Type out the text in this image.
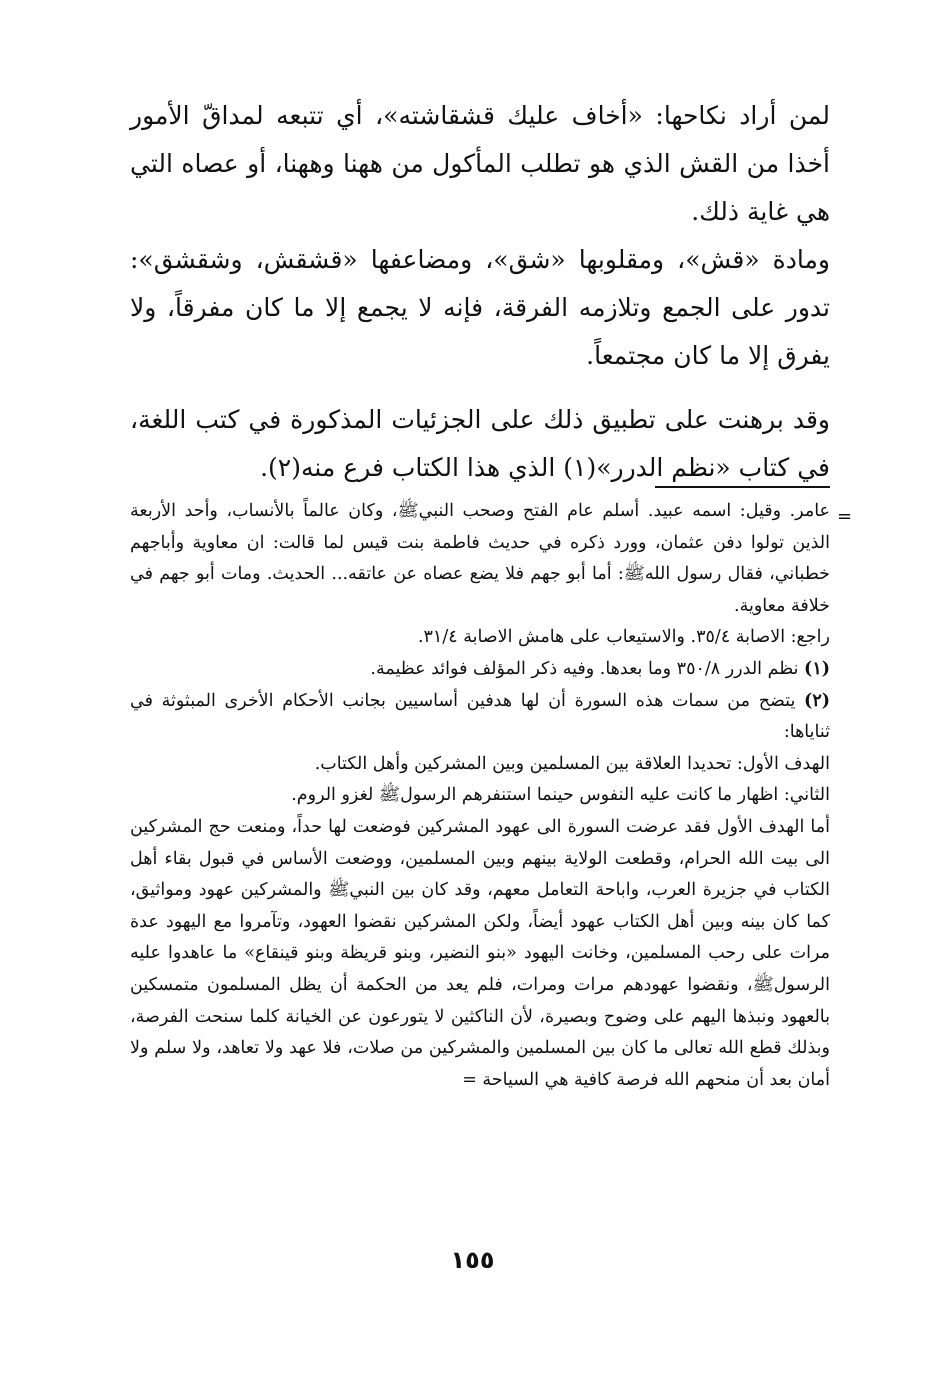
لمن أراد نكاحها: «أخاف عليك قشقاشته»، أي تتبعه لمداقّ الأمور أخذا من القش الذي هو تطلب المأكول من ههنا وههنا، أو عصاه التي هي غاية ذلك.

ومادة «قش»، ومقلوبها «شق»، ومضاعفها «قشقش، وشقشق»: تدور على الجمع وتلازمه الفرقة، فإنه لا يجمع إلا ما كان مفرقاً، ولا يفرق إلا ما كان مجتمعاً.

وقد برهنت على تطبيق ذلك على الجزئيات المذكورة في كتب اللغة، في كتاب «نظم الدرر»(١) الذي هذا الكتاب فرع منه(٢).

=

عامر. وقيل: اسمه عبيد. أسلم عام الفتح وصحب النبيﷺ، وكان عالماً بالأنساب، وأحد الأربعة الذين تولوا دفن عثمان، وورد ذكره في حديث فاطمة بنت قيس لما قالت: ان معاوية وأباجهم خطباني، فقال رسول اللهﷺ: أما أبو جهم فلا يضع عصاه عن عاتقه... الحديث. ومات أبو جهم في خلافة معاوية.

راجع: الاصابة ٣٥/٤. والاستيعاب على هامش الاصابة ٣١/٤.

(١) نظم الدرر ٣٥٠/٨ وما بعدها. وفيه ذكر المؤلف فوائد عظيمة.

(٢) يتضح من سمات هذه السورة أن لها هدفين أساسيين بجانب الأحكام الأخرى المبثوثة في ثناياها:

الهدف الأول: تحديدا العلاقة بين المسلمين وبين المشركين وأهل الكتاب.

الثاني: اظهار ما كانت عليه النفوس حينما استنفرهم الرسولﷺ لغزو الروم.

أما الهدف الأول فقد عرضت السورة الى عهود المشركين فوضعت لها حداً، ومنعت حج المشركين الى بيت الله الحرام، وقطعت الولاية بينهم وبين المسلمين، ووضعت الأساس في قبول بقاء أهل الكتاب في جزيرة العرب، واباحة التعامل معهم، وقد كان بين النبيﷺ والمشركين عهود ومواثيق، كما كان بينه وبين أهل الكتاب عهود أيضاً، ولكن المشركين نقضوا العهود، وتآمروا مع اليهود عدة مرات على رحب المسلمين، وخانت اليهود «بنو النضير، وبنو قريظة وبنو قينقاع» ما عاهدوا عليه الرسولﷺ، ونقضوا عهودهم مرات ومرات، فلم يعد من الحكمة أن يظل المسلمون متمسكين بالعهود ونبذها اليهم على وضوح وبصيرة، لأن الناكثين لا يتورعون عن الخيانة كلما سنحت الفرصة، وبذلك قطع الله تعالى ما كان بين المسلمين والمشركين من صلات، فلا عهد ولا تعاهد، ولا سلم ولا أمان بعد أن منحهم الله فرصة كافية هي السياحة =

١٥٥
